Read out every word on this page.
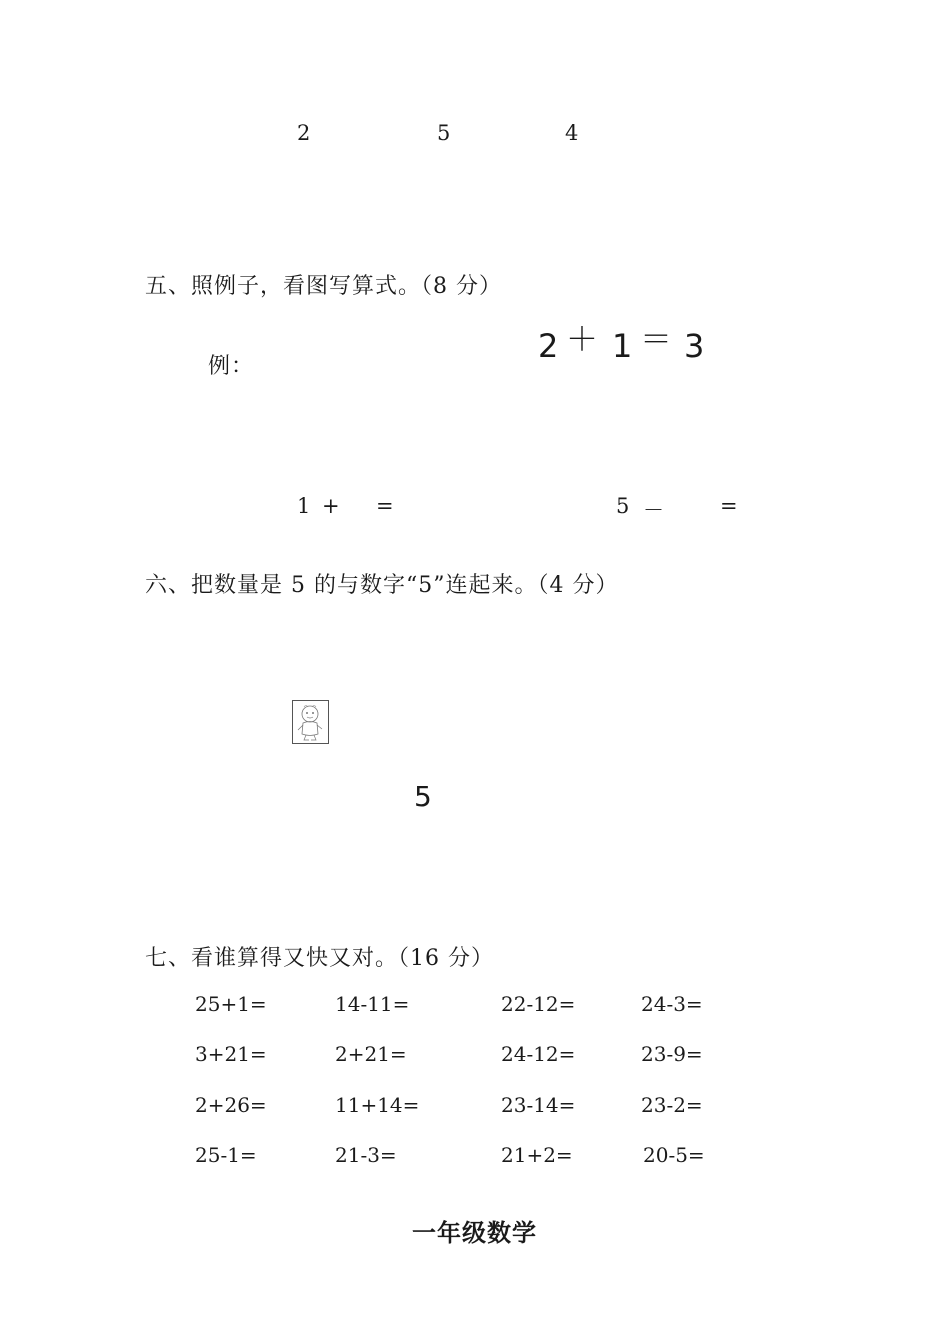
2	5	4
五、照例子，看图写算式。（8 分）
例：
2 ＋ 1 ＝ 3
1 + =	5 －	=
六、把数量是 5 的与数字“5”连起来。（4 分）
5
七、看谁算得又快又对。（16 分）
25+1=	14-11=	22-12=	24-3=
3+21=	2+21=	24-12=	23-9=
2+26=	11+14=	23-14=	23-2=
25-1=	21-3=	21+2=	20-5=
一年级数学
